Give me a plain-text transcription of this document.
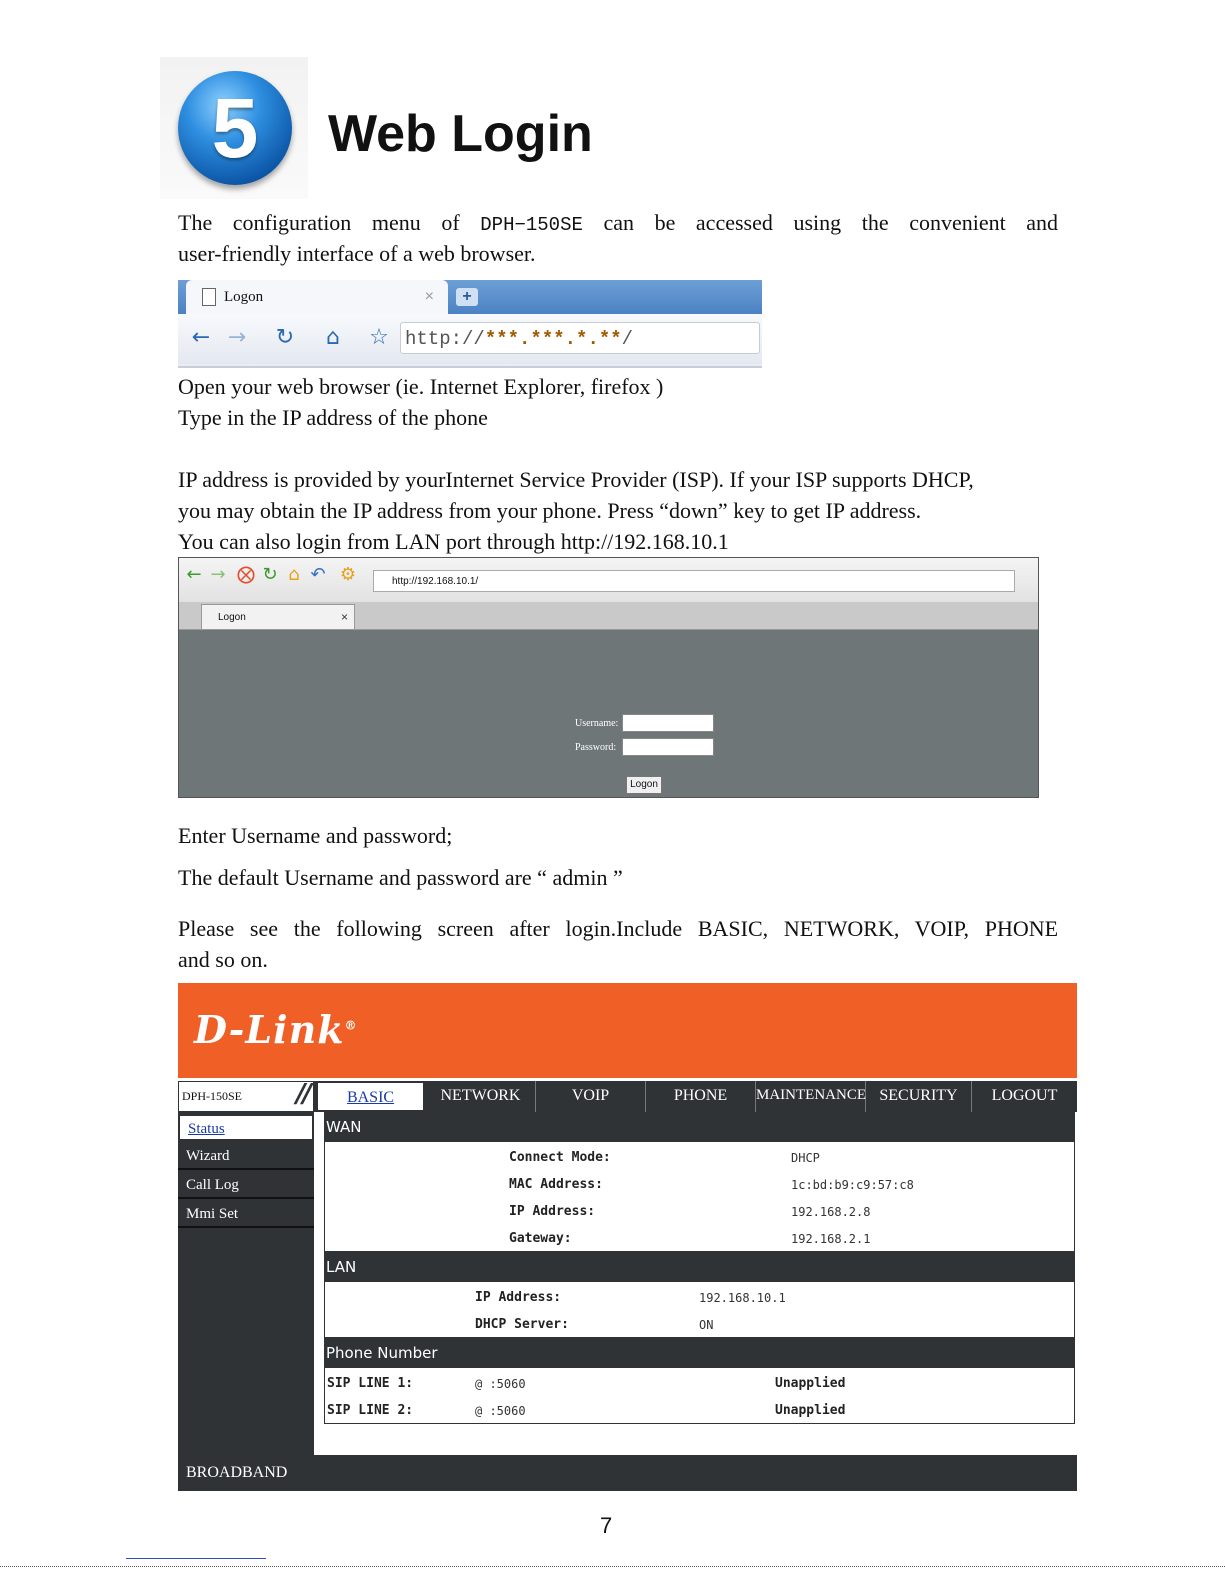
5	Web Login
The configuration menu of DPH−150SE can be accessed using the convenient and
user-friendly interface of a web browser.
Logon	×	+
← →	↻	⌂	☆ http://***.***.*.**/
Open your web browser (ie. Internet Explorer, firefox )
Type in the IP address of the phone
IP address is provided by yourInternet Service Provider (ISP). If your ISP supports DHCP,
you may obtain the IP address from your phone. Press “down” key to get IP address.
You can also login from LAN port through http://192.168.10.1
← → ⨂ ↻ ⌂ ↶ ⚙	http://192.168.10.1/
Logon	×
Username:
Password:
Logon
Enter Username and password;
The default Username and password are “ admin ”
Please see the following screen after login.Include BASIC, NETWORK, VOIP, PHONE
and so on.
D-Link®
DPH-150SE //	BASIC	NETWORK	VOIP	PHONE	MAINTENANCE SECURITY	LOGOUT
Status
Wizard
Call Log
Mmi Set
WAN
Connect Mode:	DHCP
MAC Address:	1c:bd:b9:c9:57:c8
IP Address:	192.168.2.8
Gateway:	192.168.2.1
LAN
IP Address:	192.168.10.1
DHCP Server:	ON
Phone Number
SIP LINE 1:	@ :5060	Unapplied
SIP LINE 2:	@ :5060	Unapplied
BROADBAND
7
